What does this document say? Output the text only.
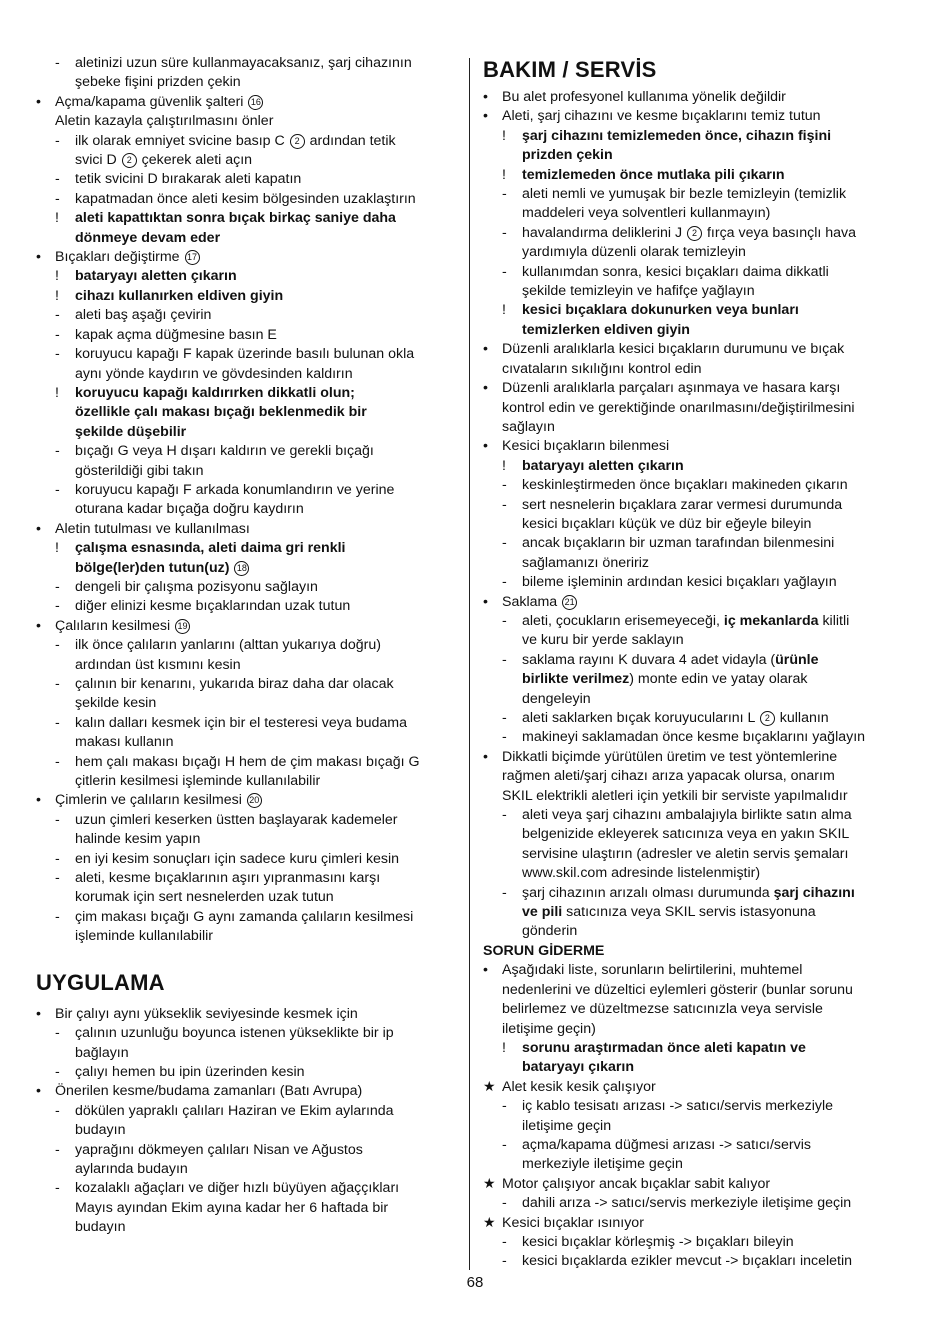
- aletinizi uzun süre kullanmayacaksanız, şarj cihazının
şebeke fişini prizden çekin
• Açma/kapama güvenlik şalteri 16
Aletin kazayla çalıştırılmasını önler
- ilk olarak emniyet svicine basıp C 2 ardından tetik
svici D 2 çekerek aleti açın
- tetik svicini D bırakarak aleti kapatın
- kapatmadan önce aleti kesim bölgesinden uzaklaştırın
! aleti kapattıktan sonra bıçak birkaç saniye daha
dönmeye devam eder
• Bıçakları değiştirme 17
! bataryayı aletten çıkarın
! cihazı kullanırken eldiven giyin
- aleti baş aşağı çevirin
- kapak açma düğmesine basın E
- koruyucu kapağı F kapak üzerinde basılı bulunan okla
aynı yönde kaydırın ve gövdesinden kaldırın
! koruyucu kapağı kaldırırken dikkatli olun;
özellikle çalı makası bıçağı beklenmedik bir
şekilde düşebilir
- bıçağı G veya H dışarı kaldırın ve gerekli bıçağı
gösterildiği gibi takın
- koruyucu kapağı F arkada konumlandırın ve yerine
oturana kadar bıçağa doğru kaydırın
• Aletin tutulması ve kullanılması
! çalışma esnasında, aleti daima gri renkli
bölge(ler)den tutun(uz) 18
- dengeli bir çalışma pozisyonu sağlayın
- diğer elinizi kesme bıçaklarından uzak tutun
• Çalıların kesilmesi 19
- ilk önce çalıların yanlarını (alttan yukarıya doğru)
ardından üst kısmını kesin
- çalının bir kenarını, yukarıda biraz daha dar olacak
şekilde kesin
- kalın dalları kesmek için bir el testeresi veya budama
makası kullanın
- hem çalı makası bıçağı H hem de çim makası bıçağı G
çitlerin kesilmesi işleminde kullanılabilir
• Çimlerin ve çalıların kesilmesi 20
- uzun çimleri keserken üstten başlayarak kademeler
halinde kesim yapın
- en iyi kesim sonuçları için sadece kuru çimleri kesin
- aleti, kesme bıçaklarının aşırı yıpranmasını karşı
korumak için sert nesnelerden uzak tutun
- çim makası bıçağı G aynı zamanda çalıların kesilmesi
işleminde kullanılabilir
UYGULAMA
• Bir çalıyı aynı yükseklik seviyesinde kesmek için
- çalının uzunluğu boyunca istenen yükseklikte bir ip
bağlayın
- çalıyı hemen bu ipin üzerinden kesin
• Önerilen kesme/budama zamanları (Batı Avrupa)
- dökülen yapraklı çalıları Haziran ve Ekim aylarında
budayın
- yaprağını dökmeyen çalıları Nisan ve Ağustos
aylarında budayın
- kozalaklı ağaçları ve diğer hızlı büyüyen ağaççıkları
Mayıs ayından Ekim ayına kadar her 6 haftada bir
budayın
BAKIM / SERVİS
• Bu alet profesyonel kullanıma yönelik değildir
• Aleti, şarj cihazını ve kesme bıçaklarını temiz tutun
! şarj cihazını temizlemeden önce, cihazın fişini
prizden çekin
! temizlemeden önce mutlaka pili çıkarın
- aleti nemli ve yumuşak bir bezle temizleyin (temizlik
maddeleri veya solventleri kullanmayın)
- havalandırma deliklerini J 2 fırça veya basınçlı hava
yardımıyla düzenli olarak temizleyin
- kullanımdan sonra, kesici bıçakları daima dikkatli
şekilde temizleyin ve hafifçe yağlayın
! kesici bıçaklara dokunurken veya bunları
temizlerken eldiven giyin
• Düzenli aralıklarla kesici bıçakların durumunu ve bıçak
cıvataların sıkılığını kontrol edin
• Düzenli aralıklarla parçaları aşınmaya ve hasara karşı
kontrol edin ve gerektiğinde onarılmasını/değiştirilmesini
sağlayın
• Kesici bıçakların bilenmesi
! bataryayı aletten çıkarın
- keskinleştirmeden önce bıçakları makineden çıkarın
- sert nesnelerin bıçaklara zarar vermesi durumunda
kesici bıçakları küçük ve düz bir eğeyle bileyin
- ancak bıçakların bir uzman tarafından bilenmesini
sağlamanızı öneririz
- bileme işleminin ardından kesici bıçakları yağlayın
• Saklama 21
- aleti, çocukların erisemeyeceği, iç mekanlarda kilitli
ve kuru bir yerde saklayın
- saklama rayını K duvara 4 adet vidayla (ürünle
birlikte verilmez) monte edin ve yatay olarak
dengeleyin
- aleti saklarken bıçak koruyucularını L 2 kullanın
- makineyi saklamadan önce kesme bıçaklarını yağlayın
• Dikkatli biçimde yürütülen üretim ve test yöntemlerine
rağmen aleti/şarj cihazı arıza yapacak olursa, onarım
SKIL elektrikli aletleri için yetkili bir serviste yapılmalıdır
- aleti veya şarj cihazını ambalajıyla birlikte satın alma
belgenizide ekleyerek satıcınıza veya en yakın SKIL
servisine ulaştırın (adresler ve aletin servis şemaları
www.skil.com adresinde listelenmiştir)
- şarj cihazının arızalı olması durumunda şarj cihazını
ve pili satıcınıza veya SKIL servis istasyonuna
gönderin
SORUN GİDERME
• Aşağıdaki liste, sorunların belirtilerini, muhtemel
nedenlerini ve düzeltici eylemleri gösterir (bunlar sorunu
belirlemez ve düzeltmezse satıcınızla veya servisle
iletişime geçin)
! sorunu araştırmadan önce aleti kapatın ve
bataryayı çıkarın
★ Alet kesik kesik çalışıyor
- iç kablo tesisatı arızası -> satıcı/servis merkeziyle
iletişime geçin
- açma/kapama düğmesi arızası -> satıcı/servis
merkeziyle iletişime geçin
★ Motor çalışıyor ancak bıçaklar sabit kalıyor
- dahili arıza -> satıcı/servis merkeziyle iletişime geçin
★ Kesici bıçaklar ısınıyor
- kesici bıçaklar körleşmiş -> bıçakları bileyin
- kesici bıçaklarda ezikler mevcut -> bıçakları inceletin
68
